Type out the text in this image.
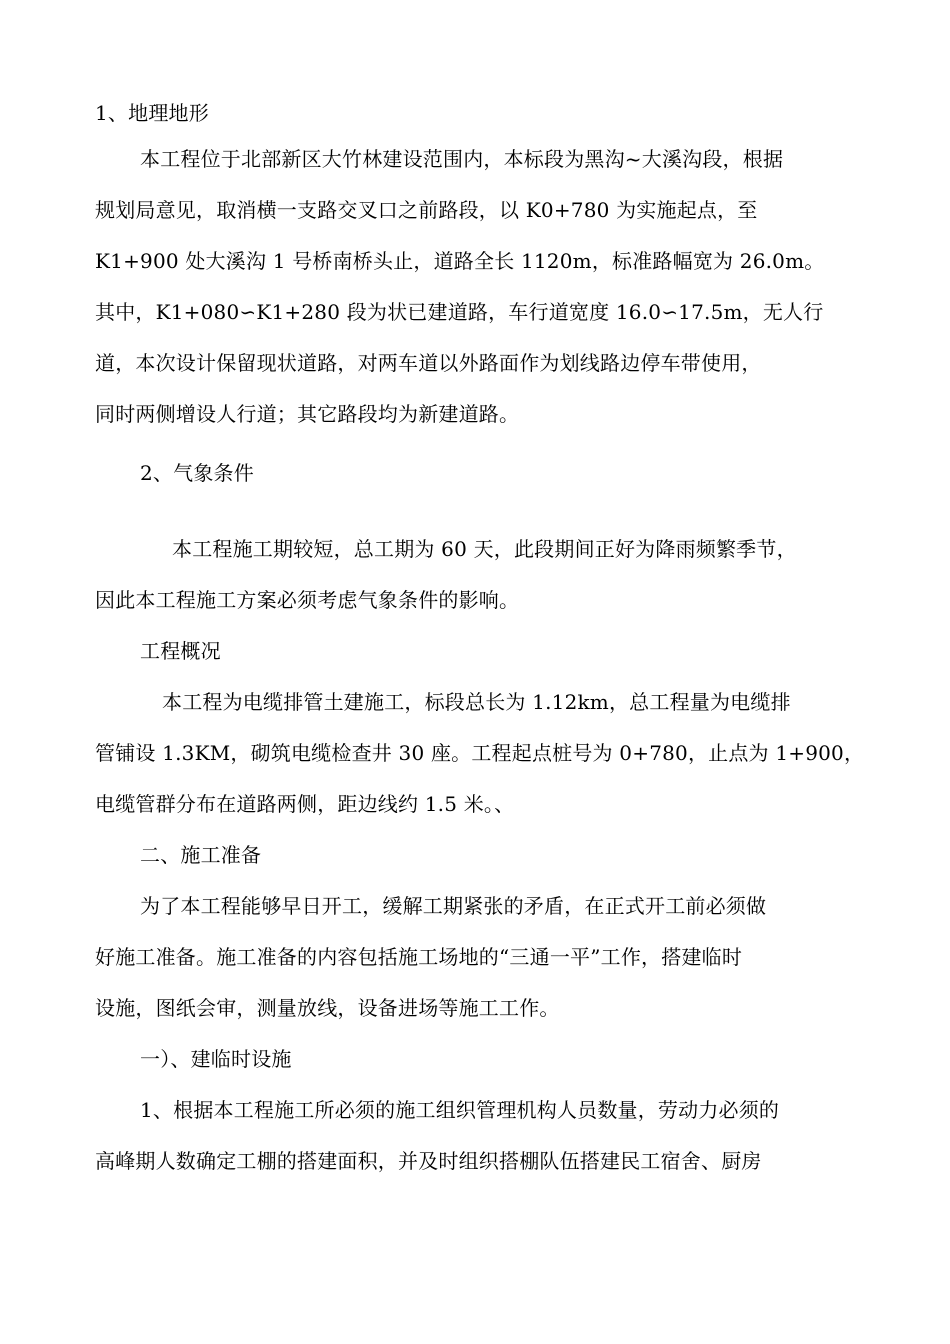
1、地理地形
本工程位于北部新区大竹林建设范围内，本标段为黑沟~大溪沟段，根据
规划局意见，取消横一支路交叉口之前路段，以 K0+780 为实施起点，至
K1+900 处大溪沟 1 号桥南桥头止，道路全长 1120m，标准路幅宽为 26.0m。
其中，K1+080∽K1+280 段为状已建道路，车行道宽度 16.0∽17.5m，无人行
道，本次设计保留现状道路，对两车道以外路面作为划线路边停车带使用，
同时两侧增设人行道；其它路段均为新建道路。
2、气象条件
本工程施工期较短，总工期为 60 天，此段期间正好为降雨频繁季节，
因此本工程施工方案必须考虑气象条件的影响。
工程概况
本工程为电缆排管土建施工，标段总长为 1.12km，总工程量为电缆排
管铺设 1.3KM，砌筑电缆检查井 30 座。工程起点桩号为 0+780，止点为 1+900，
电缆管群分布在道路两侧，距边线约 1.5 米。、
二、施工准备
为了本工程能够早日开工，缓解工期紧张的矛盾，在正式开工前必须做
好施工准备。施工准备的内容包括施工场地的“三通一平”工作，搭建临时
设施，图纸会审，测量放线，设备进场等施工工作。
一）、建临时设施
1、根据本工程施工所必须的施工组织管理机构人员数量，劳动力必须的
高峰期人数确定工棚的搭建面积，并及时组织搭棚队伍搭建民工宿舍、厨房
